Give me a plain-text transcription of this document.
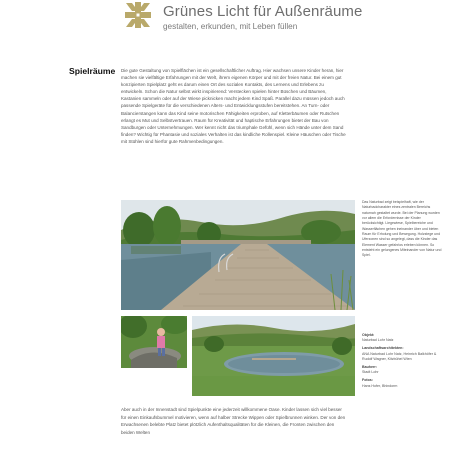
Grünes Licht für Außenräume
gestalten, erkunden, mit Leben füllen
Spielräume Die gute Gestaltung von Spielflächen ist ein gesellschaftlicher Auftrag. Hier wachsen unsere Kinder heran, hier machen sie vielfältige Erfahrungen mit der Welt, ihrem eigenen Körper und mit der freien Natur. Bei einem gut konzipierten Spielplatz geht es darum einen Ort des sozialen Kontakts, des Lernens und Erlebens zu entwickeln. Schon die Natur selbst wirkt inspirierend: Verstecken spielen hinter Büschen und Bäumen, Kastanien sammeln oder auf der Wiese picknicken macht jedem Kind Spaß. Parallel dazu müssen jedoch auch passende Spielgeräte für die verschiedenen Alters- und Entwicklungsstufen bereitstehen. An Turn- oder Balancierstangen kann das Kind seine motorischen Fähigkeiten erproben, auf Kletterbäumen oder Rutschen erlangt es Mut und Selbstvertrauen. Raum für Kreativität und haptische Erfahrungen bietet der Bau von Sandburgen oder Unternehmungen. Wer kennt nicht das triumphale Gefühl, wenn sich Hände unter dem Sand finden? Wichtig für Phantasie und soziales Verhalten ist das kindliche Rollenspiel. Kleine Häuschen oder Tische mit Stühlen sind hierfür gute Rahmenbedingungen.
Das Naturbad zeigt beispielhaft, wie der Naturbadcharakter eines zentralen Bereichs naturnah gestaltet wurde. Bei der Planung wurden vor allem die Erfordernisse der Kinder berücksichtigt. Liegewiese, Spielbereiche und Wasserflächen gehen ineinander über und bieten Raum für Erholung und Bewegung. Holzstege und Uferzonen sind so angelegt, dass die Kinder das Element Wasser gefahrlos erleben können. So entsteht ein gelungenes Miteinander von Natur und Spiel.
Objekt:
Naturbad Lohr Natz
Landschaftsarchitekten:
ANA Naturbad Lohr Natz, Heinrich Balkhöfer & Rudolf Wagner, Kitzbühel Wien
Bauherr:
Stadt Lohr
Fotos:
Hans Hofer, Bhindorm
Aber auch in der Innenstadt sind Spielpunkte eine jederzeit willkommene Oase. Kinder lassen sich viel besser für einen Einkaufsbummel motivieren, wenn auf halber Strecke Wippen oder Spielbrunnen winken. Der von den Erwachsenen belebte Platz bietet plötzlich Aufenthaltsqualitäten für die Kleinen, die Fronten zwischen den beiden Welten
